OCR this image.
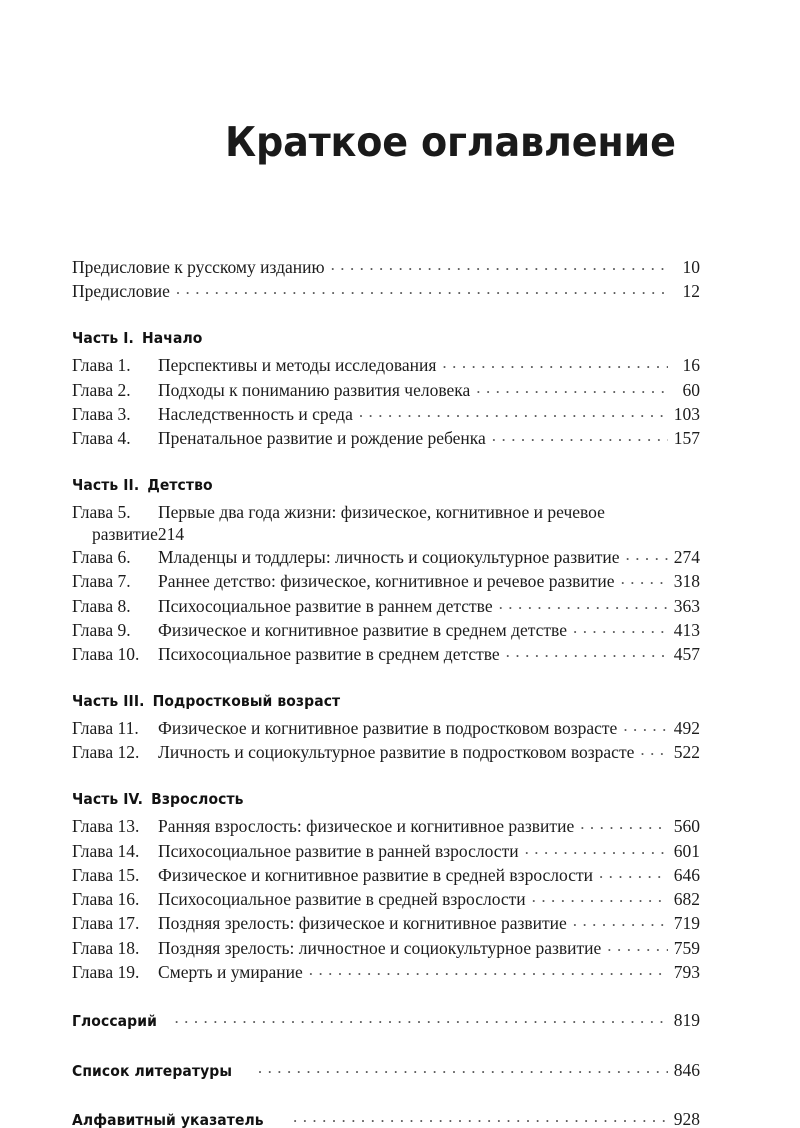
Краткое оглавление
Предисловие к русскому изданию . . .	10
Предисловие . . .	12
Часть I. Начало
Глава 1.	Перспективы и методы исследования . . .	16
Глава 2.	Подходы к пониманию развития человека . . .	60
Глава 3.	Наследственность и среда . . .	103
Глава 4.	Пренатальное развитие и рождение ребенка . . .	157
Часть II. Детство
Глава 5.	Первые два года жизни: физическое, когнитивное и речевое
развитие 214
Глава 6.	Младенцы и тоддлеры: личность и социокультурное развитие . . .	274
Глава 7.	Раннее детство: физическое, когнитивное и речевое развитие . . .	318
Глава 8.	Психосоциальное развитие в раннем детстве . . .	363
Глава 9.	Физическое и когнитивное развитие в среднем детстве . . .	413
Глава 10.	Психосоциальное развитие в среднем детстве . . .	457
Часть III. Подростковый возраст
Глава 11.	Физическое и когнитивное развитие в подростковом возрасте . . .	492
Глава 12.	Личность и социокультурное развитие в подростковом возрасте . . . 522
Часть IV. Взрослость
Глава 13.	Ранняя взрослость: физическое и когнитивное развитие . . .	560
Глава 14.	Психосоциальное развитие в ранней взрослости . . .	601
Глава 15.	Физическое и когнитивное развитие в средней взрослости . . .	646
Глава 16.	Психосоциальное развитие в средней взрослости . . .	682
Глава 17.	Поздняя зрелость: физическое и когнитивное развитие . . .	719
Глава 18.	Поздняя зрелость: личностное и социокультурное развитие . . .	759
Глава 19.	Смерть и умирание . . .	793
Глоссарий . . .	819
Список литературы . . .	846
Алфавитный указатель . . .	928
